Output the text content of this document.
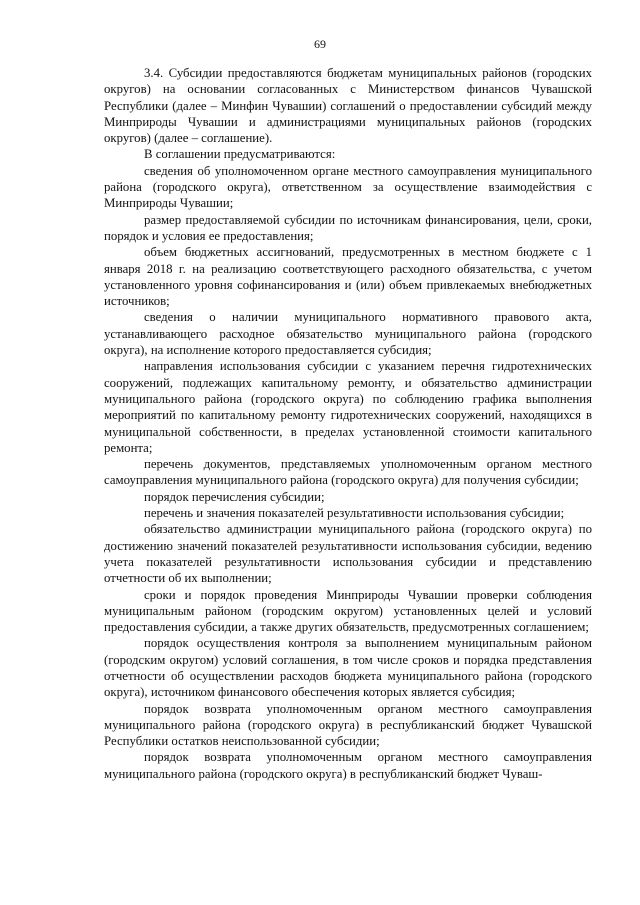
69

3.4. Субсидии предоставляются бюджетам муниципальных районов (городских округов) на основании согласованных с Министерством финансов Чувашской Республики (далее – Минфин Чувашии) соглашений о предоставлении субсидий между Минприроды Чувашии и администрациями муниципальных районов (городских округов) (далее – соглашение).

В соглашении предусматриваются:

сведения об уполномоченном органе местного самоуправления муниципального района (городского округа), ответственном за осуществление взаимодействия с Минприроды Чувашии;

размер предоставляемой субсидии по источникам финансирования, цели, сроки, порядок и условия ее предоставления;

объем бюджетных ассигнований, предусмотренных в местном бюджете с 1 января 2018 г. на реализацию соответствующего расходного обязательства, с учетом установленного уровня софинансирования и (или) объем привлекаемых внебюджетных источников;

сведения о наличии муниципального нормативного правового акта, устанавливающего расходное обязательство муниципального района (городского округа), на исполнение которого предоставляется субсидия;

направления использования субсидии с указанием перечня гидротехнических сооружений, подлежащих капитальному ремонту, и обязательство администрации муниципального района (городского округа) по соблюдению графика выполнения мероприятий по капитальному ремонту гидротехнических сооружений, находящихся в муниципальной собственности, в пределах установленной стоимости капитального ремонта;

перечень документов, представляемых уполномоченным органом местного самоуправления муниципального района (городского округа) для получения субсидии;

порядок перечисления субсидии;

перечень и значения показателей результативности использования субсидии;

обязательство администрации муниципального района (городского округа) по достижению значений показателей результативности использования субсидии, ведению учета показателей результативности использования субсидии и представлению отчетности об их выполнении;

сроки и порядок проведения Минприроды Чувашии проверки соблюдения муниципальным районом (городским округом) установленных целей и условий предоставления субсидии, а также других обязательств, предусмотренных соглашением;

порядок осуществления контроля за выполнением муниципальным районом (городским округом) условий соглашения, в том числе сроков и порядка представления отчетности об осуществлении расходов бюджета муниципального района (городского округа), источником финансового обеспечения которых является субсидия;

порядок возврата уполномоченным органом местного самоуправления муниципального района (городского округа) в республиканский бюджет Чувашской Республики остатков неиспользованной субсидии;

порядок возврата уполномоченным органом местного самоуправления муниципального района (городского округа) в республиканский бюджет Чуваш-
